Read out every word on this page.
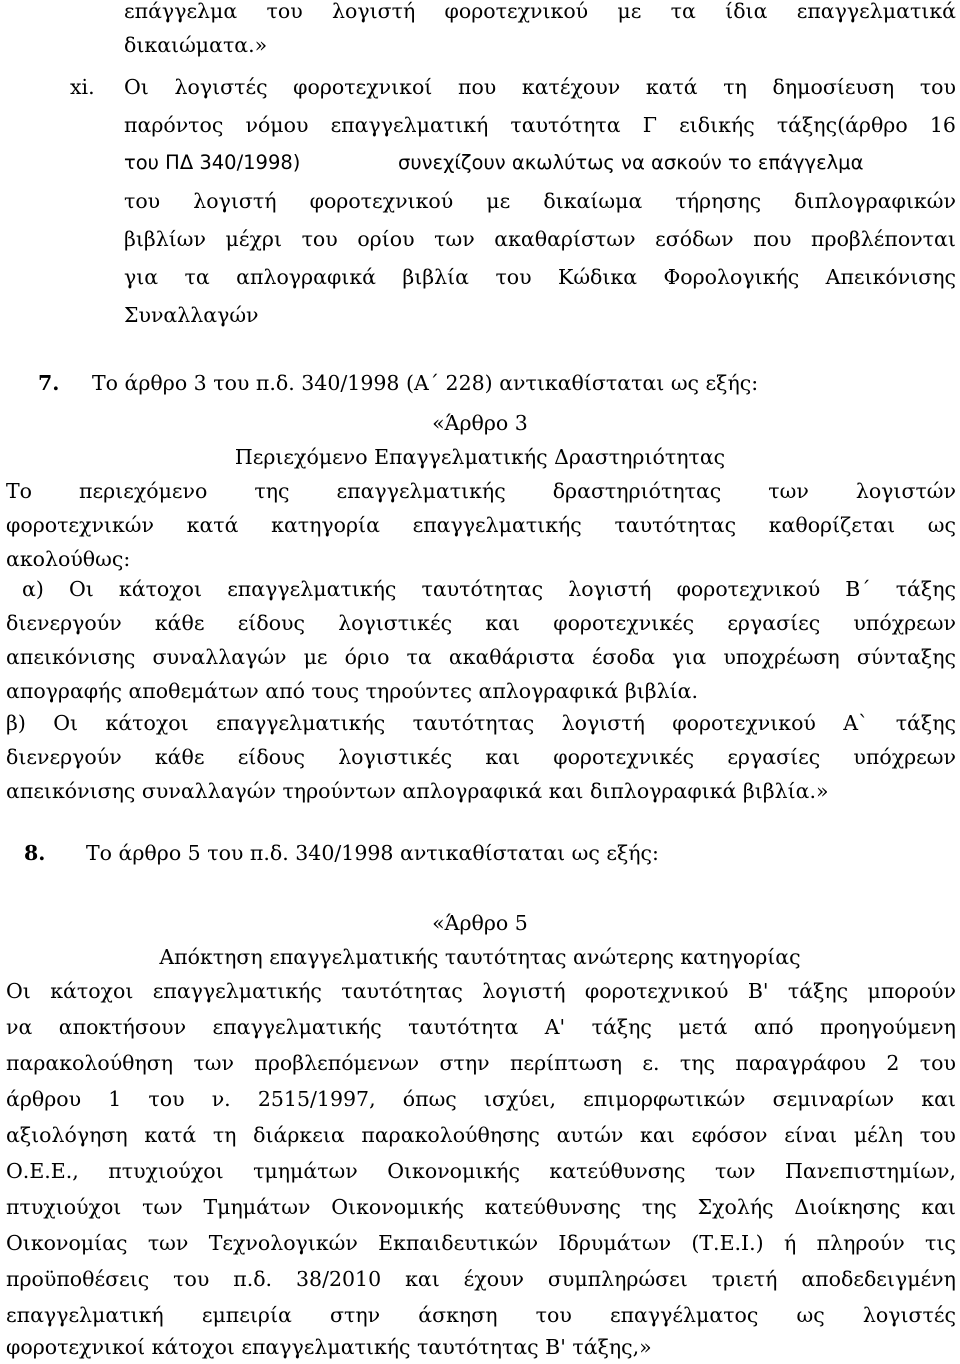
επάγγελμα του λογιστή φοροτεχνικού με τα ίδια επαγγελματικά
δικαιώματα.»
xi. Οι λογιστές φοροτεχνικοί που κατέχουν κατά τη δημοσίευση του
παρόντος νόμου επαγγελματική ταυτότητα Γ ειδικής τάξης(άρθρο 16
του ΠΔ 340/1998)	συνεχίζουν ακωλύτως να ασκούν το επάγγελμα
του λογιστή φοροτεχνικού με δικαίωμα τήρησης διπλογραφικών
βιβλίων μέχρι του ορίου των ακαθαρίστων εσόδων που προβλέπονται
για τα απλογραφικά βιβλία του Κώδικα Φορολογικής Απεικόνισης
Συναλλαγών
7. Το άρθρο 3 του π.δ. 340/1998 (Α΄ 228) αντικαθίσταται ως εξής:
«Άρθρο 3
Περιεχόμενο Επαγγελματικής Δραστηριότητας
Το περιεχόμενο της επαγγελματικής δραστηριότητας των λογιστών
φοροτεχνικών κατά κατηγορία επαγγελματικής ταυτότητας καθορίζεται ως
ακολούθως:
α) Οι κάτοχοι επαγγελματικής ταυτότητας λογιστή φοροτεχνικού Β΄ τάξης
διενεργούν κάθε είδους λογιστικές και φοροτεχνικές εργασίες υπόχρεων
απεικόνισης συναλλαγών με όριο τα ακαθάριστα έσοδα για υποχρέωση σύνταξης
απογραφής αποθεμάτων από τους τηρούντες απλογραφικά βιβλία.
β) Οι κάτοχοι επαγγελματικής ταυτότητας λογιστή φοροτεχνικού Α` τάξης
διενεργούν κάθε είδους λογιστικές και φοροτεχνικές εργασίες υπόχρεων
απεικόνισης συναλλαγών τηρούντων απλογραφικά και διπλογραφικά βιβλία.»
8. Το άρθρο 5 του π.δ. 340/1998 αντικαθίσταται ως εξής:
«Άρθρο 5
Απόκτηση επαγγελματικής ταυτότητας ανώτερης κατηγορίας
Οι κάτοχοι επαγγελματικής ταυτότητας λογιστή φοροτεχνικού Β' τάξης μπορούν
να αποκτήσουν επαγγελματικής ταυτότητα Α' τάξης μετά από προηγούμενη
παρακολούθηση των προβλεπόμενων στην περίπτωση ε. της παραγράφου 2 του
άρθρου 1 του ν. 2515/1997, όπως ισχύει, επιμορφωτικών σεμιναρίων και
αξιολόγηση κατά τη διάρκεια παρακολούθησης αυτών και εφόσον είναι μέλη του
Ο.Ε.Ε., πτυχιούχοι τμημάτων Οικονομικής κατεύθυνσης των Πανεπιστημίων,
πτυχιούχοι των Τμημάτων Οικονομικής κατεύθυνσης της Σχολής Διοίκησης και
Οικονομίας των Τεχνολογικών Εκπαιδευτικών Ιδρυμάτων (Τ.Ε.Ι.) ή πληρούν τις
προϋποθέσεις του π.δ. 38/2010 και έχουν συμπληρώσει τριετή αποδεδειγμένη
επαγγελματική εμπειρία στην άσκηση του επαγγέλματος ως λογιστές
φοροτεχνικοί κάτοχοι επαγγελματικής ταυτότητας Β' τάξης,»
